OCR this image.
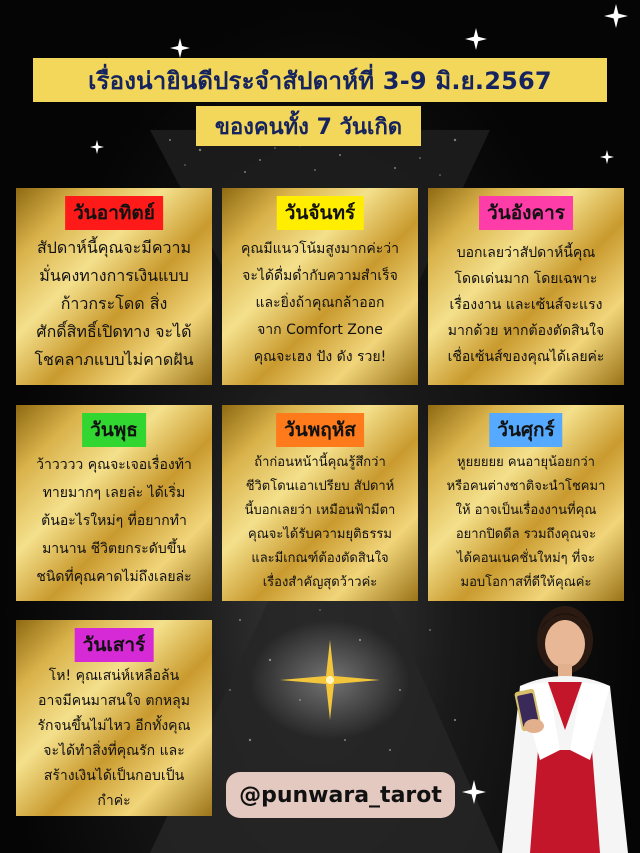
เรื่องน่ายินดีประจำสัปดาห์ที่ 3-9 มิ.ย.2567
ของคนทั้ง 7 วันเกิด
วันอาทิตย์
สัปดาห์นี้คุณจะมีความ
มั่นคงทางการเงินแบบ
ก้าวกระโดด สิ่ง
ศักดิ์สิทธิ์เปิดทาง จะได้
โชคลาภแบบไม่คาดฝัน
วันจันทร์
คุณมีแนวโน้มสูงมากค่ะว่า
จะได้ดื่มด่ำกับความสำเร็จ
และยิ่งถ้าคุณกล้าออก
จาก Comfort Zone
คุณจะเฮง ปัง ดัง รวย!
วันอังคาร
บอกเลยว่าสัปดาห์นี้คุณ
โดดเด่นมาก โดยเฉพาะ
เรื่องงาน และเซ้นส์จะแรง
มากด้วย หากต้องตัดสินใจ
เชื่อเซ้นส์ของคุณได้เลยค่ะ
วันพุธ
ว้าวววว คุณจะเจอเรื่องท้า
ทายมากๆ เลยล่ะ ได้เริ่ม
ต้นอะไรใหม่ๆ ที่อยากทำ
มานาน ชีวิตยกระดับขึ้น
ชนิดที่คุณคาดไม่ถึงเลยล่ะ
วันพฤหัส
ถ้าก่อนหน้านี้คุณรู้สึกว่า
ชีวิตโดนเอาเปรียบ สัปดาห์
นี้บอกเลยว่า เหมือนฟ้ามีตา
คุณจะได้รับความยุติธรรม
และมีเกณฑ์ต้องตัดสินใจ
เรื่องสำคัญสุดว้าวค่ะ
วันศุกร์
หูยยยยย คนอายุน้อยกว่า
หรือคนต่างชาติจะนำโชคมา
ให้ อาจเป็นเรื่องงานที่คุณ
อยากปิดดีล รวมถึงคุณจะ
ได้คอนเนคชั่นใหม่ๆ ที่จะ
มอบโอกาสที่ดีให้คุณค่ะ
วันเสาร์
โห! คุณเสน่ห์เหลือล้น
อาจมีคนมาสนใจ ตกหลุม
รักจนขึ้นไม่ไหว อีกทั้งคุณ
จะได้ทำสิ่งที่คุณรัก และ
สร้างเงินได้เป็นกอบเป็น
กำค่ะ	@punwara_tarot
